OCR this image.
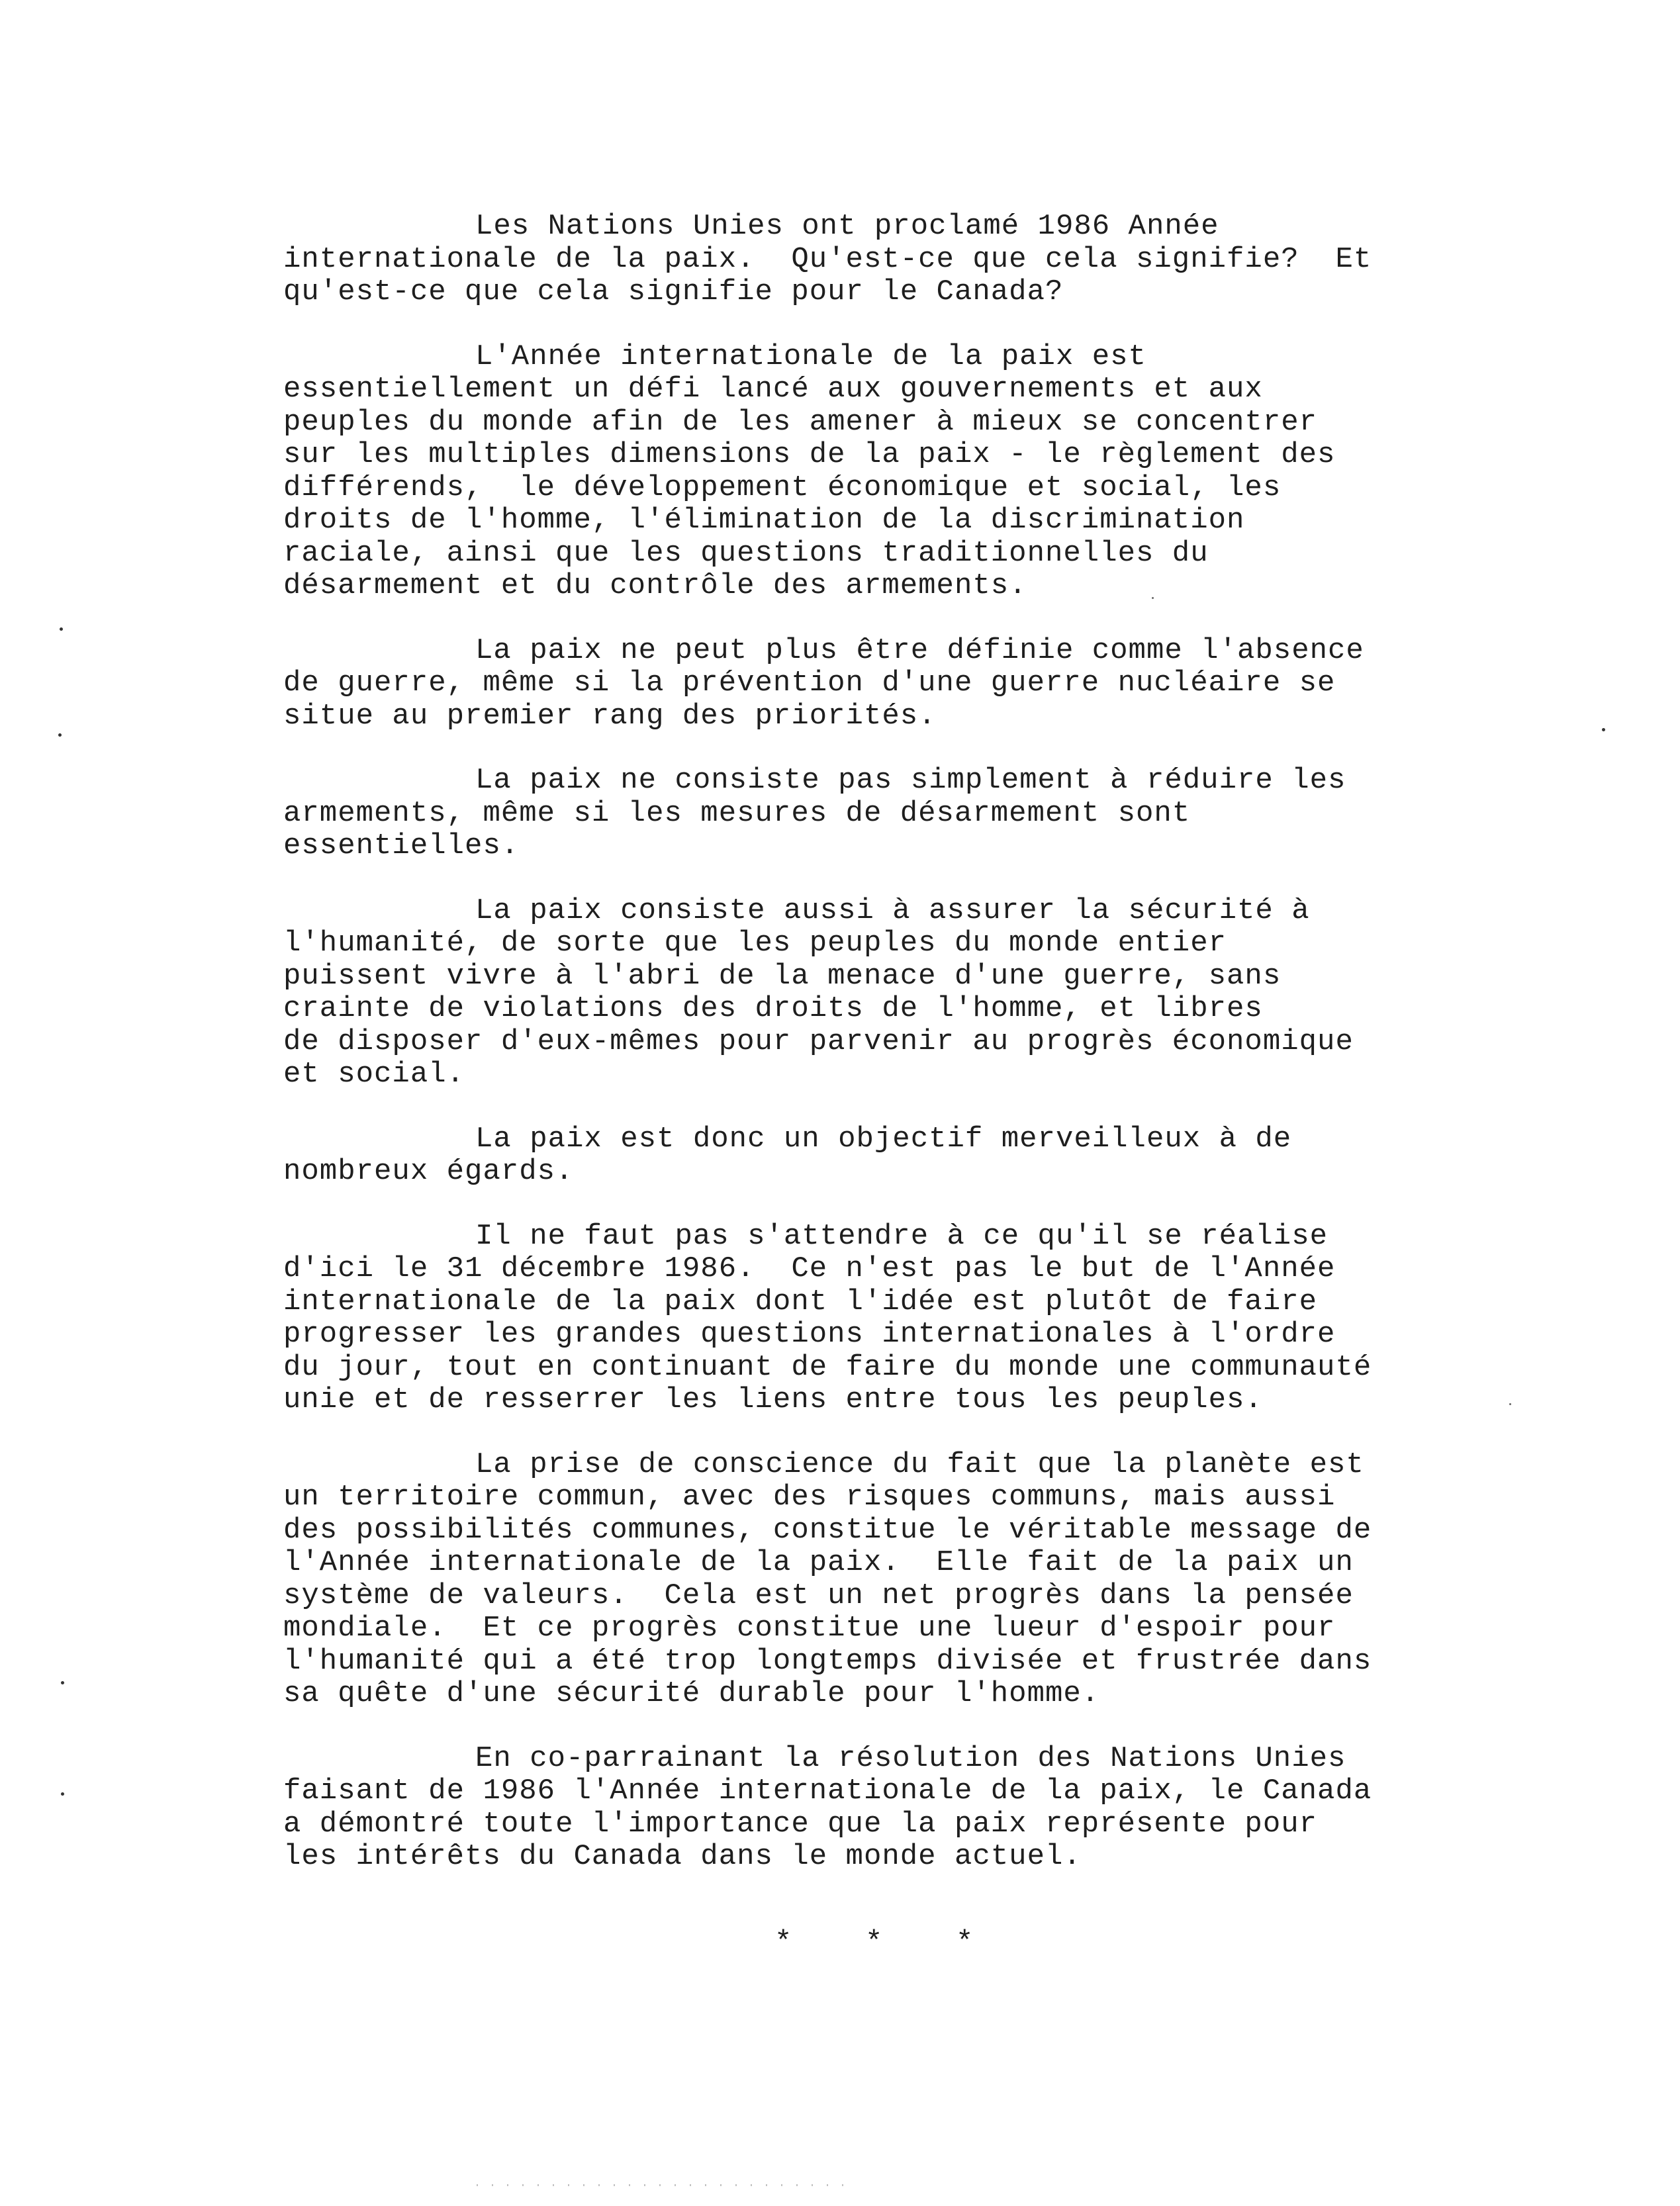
Les Nations Unies ont proclamé 1986 Année
internationale de la paix.  Qu'est-ce que cela signifie?  Et
qu'est-ce que cela signifie pour le Canada?

L'Année internationale de la paix est
essentiellement un défi lancé aux gouvernements et aux
peuples du monde afin de les amener à mieux se concentrer
sur les multiples dimensions de la paix - le règlement des
différends,  le développement économique et social, les
droits de l'homme, l'élimination de la discrimination
raciale, ainsi que les questions traditionnelles du
désarmement et du contrôle des armements.

La paix ne peut plus être définie comme l'absence
de guerre, même si la prévention d'une guerre nucléaire se
situe au premier rang des priorités.

La paix ne consiste pas simplement à réduire les
armements, même si les mesures de désarmement sont
essentielles.

La paix consiste aussi à assurer la sécurité à
l'humanité, de sorte que les peuples du monde entier
puissent vivre à l'abri de la menace d'une guerre, sans
crainte de violations des droits de l'homme, et libres
de disposer d'eux-mêmes pour parvenir au progrès économique
et social.

La paix est donc un objectif merveilleux à de
nombreux égards.

Il ne faut pas s'attendre à ce qu'il se réalise
d'ici le 31 décembre 1986.  Ce n'est pas le but de l'Année
internationale de la paix dont l'idée est plutôt de faire
progresser les grandes questions internationales à l'ordre
du jour, tout en continuant de faire du monde une communauté
unie et de resserrer les liens entre tous les peuples.

La prise de conscience du fait que la planète est
un territoire commun, avec des risques communs, mais aussi
des possibilités communes, constitue le véritable message de
l'Année internationale de la paix.  Elle fait de la paix un
système de valeurs.  Cela est un net progrès dans la pensée
mondiale.  Et ce progrès constitue une lueur d'espoir pour
l'humanité qui a été trop longtemps divisée et frustrée dans
sa quête d'une sécurité durable pour l'homme.

En co-parrainant la résolution des Nations Unies
faisant de 1986 l'Année internationale de la paix, le Canada
a démontré toute l'importance que la paix représente pour
les intérêts du Canada dans le monde actuel.

*    *    *
